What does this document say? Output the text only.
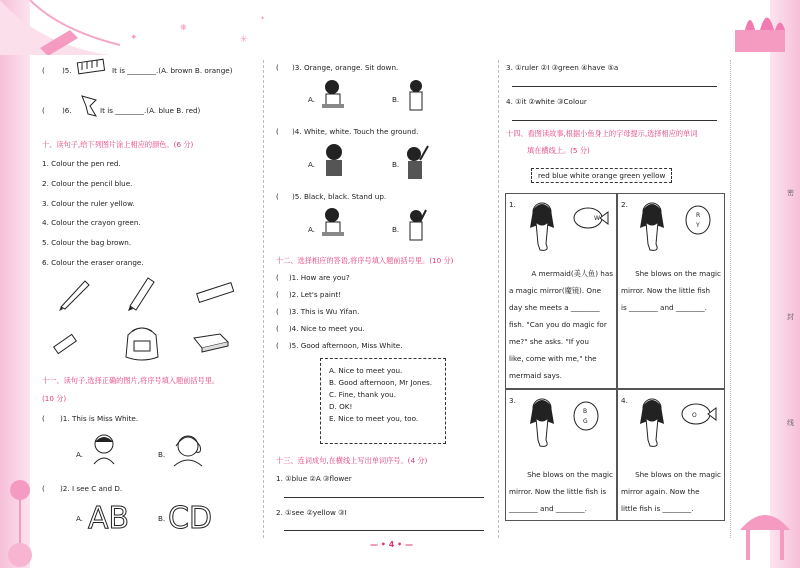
✦
❋
✳
✦
密
封
线
( )5.	It is ________.(A. brown B. orange)
( )6.	It is ________.(A. blue B. red)
十、读句子,给下列图片涂上相应的颜色。(6 分)
1. Colour the pen red.
2. Colour the pencil blue.
3. Colour the ruler yellow.
4. Colour the crayon green.
5. Colour the bag brown.
6. Colour the eraser orange.
十一、读句子,选择正确的图片,将序号填入题前括号里。
(10 分)
( )1. This is Miss White.
A.	B.
( )2. I see C and D.
A. AB	B. CD
( )3. Orange, orange. Sit down.
A.	B.
( )4. White, white. Touch the ground.
A.	B.
( )5. Black, black. Stand up.
A.	B.
十二、选择相应的答语,将序号填入题前括号里。(10 分)
( )1. How are you?
( )2. Let's paint!
( )3. This is Wu Yifan.
( )4. Nice to meet you.
( )5. Good afternoon, Miss White.
A. Nice to meet you.
B. Good afternoon, Mr Jones.
C. Fine, thank you.
D. OK!
E. Nice to meet you, too.
十三、连词成句,在横线上写出单词序号。(4 分)
1. ①blue ②A ③flower
2. ①see ②yellow ③I
3. ①ruler ②I ③green ④have ⑤a
4. ①it ②white ③Colour
十四、看图读故事,根据小鱼身上的字母提示,选择相应的单词
填在横线上。(5 分)
red blue white orange green yellow
1.
W
A mermaid(美人鱼) has
a magic mirror(魔镜). One
day she meets a ________
fish. "Can you do magic for
me?" she asks. "If you
like, come with me," the
mermaid says.
2.
R
Y
She blows on the magic
mirror. Now the little fish
is ________ and ________.
3.
B
G
She blows on the magic
mirror. Now the little fish is
________ and ________.
4.
O
She blows on the magic
mirror again. Now the
little fish is ________.
— • 4 • —
